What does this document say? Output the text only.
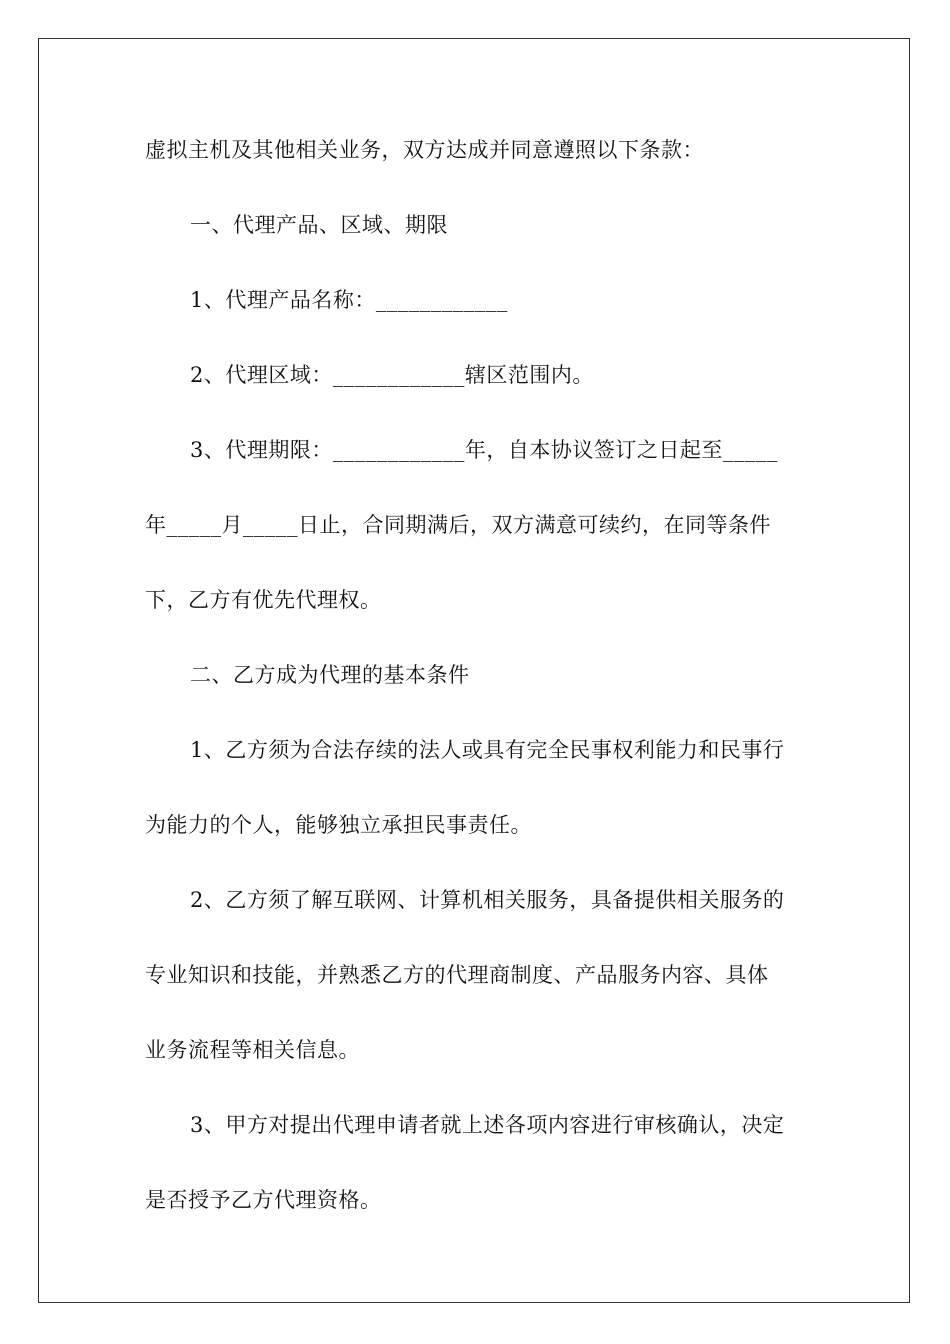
虚拟主机及其他相关业务，双方达成并同意遵照以下条款：
一、代理产品、区域、期限
1、代理产品名称：____________
2、代理区域：____________辖区范围内。
3、代理期限：____________年，自本协议签订之日起至_____
年_____月_____日止，合同期满后，双方满意可续约，在同等条件
下，乙方有优先代理权。
二、乙方成为代理的基本条件
1、乙方须为合法存续的法人或具有完全民事权利能力和民事行
为能力的个人，能够独立承担民事责任。
2、乙方须了解互联网、计算机相关服务，具备提供相关服务的
专业知识和技能，并熟悉乙方的代理商制度、产品服务内容、具体
业务流程等相关信息。
3、甲方对提出代理申请者就上述各项内容进行审核确认，决定
是否授予乙方代理资格。
